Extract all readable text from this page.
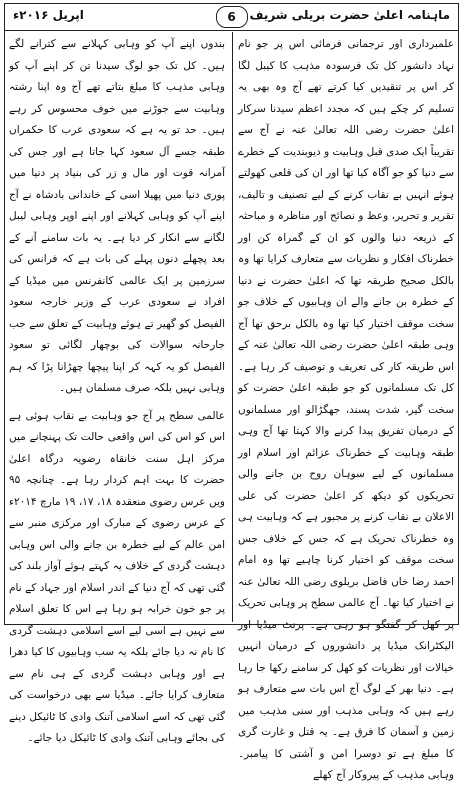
ماہنامہ اعلیٰ حضرت بریلی شریف
6
اپریل ۲۰۱۶ء

علمبرداری اور ترجمانی فرمائی اس پر جو نام نہاد دانشور کل تک فرسودہ مذہب کا کیبل لگا کر اس پر تنقیدیں کیا کرتے تھے آج وہ بھی یہ تسلیم کر چکے ہیں کہ مجدد اعظم سیدنا سرکار اعلیٰ حضرت رضی اللہ تعالیٰ عنہ نے آج سے تقریباً ایک صدی قبل وہابیت و دیوبندیت کے خطرے سے دنیا کو جو آگاہ کیا تھا اور ان کی قلعی کھولتے ہوئے انہیں بے نقاب کرنے کے لیے تصنیف و تالیف، تقریر و تحریر، وعظ و نصائح اور مناظرہ و مباحثہ کے ذریعہ دنیا والوں کو ان کے گمراہ کن اور خطرناک افکار و نظریات سے متعارف کرایا تھا وہ بالکل صحیح طریقہ تھا کہ اعلیٰ حضرت نے دنیا کے خطرہ بن جانے والے ان وہابیوں کے خلاف جو سخت موقف اختیار کیا تھا وہ بالکل برحق تھا آج وہی طبقہ اعلیٰ حضرت رضی اللہ تعالیٰ عنہ کے اس طریقہ کار کی تعریف و توصیف کر رہا ہے۔ کل تک مسلمانوں کو جو طبقہ اعلیٰ حضرت کو سخت گیر، شدت پسند، جھگڑالو اور مسلمانوں کے درمیان تفریق پیدا کرنے والا کہتا تھا آج وہی طبقہ وہابیت کے خطرناک عزائم اور اسلام اور مسلمانوں کے لیے سوہان روح بن جانے والی تحریکوں کو دیکھ کر اعلیٰ حضرت کی علی الاعلان بے نقاب کرنے پر مجبور ہے کہ وہابیت ہی وہ خطرناک تحریک ہے کہ جس کے خلاف جس سخت موقف کو اختیار کرنا چاہیے تھا وہ امام احمد رضا خاں فاضل بریلوی رضی اللہ تعالیٰ عنہ نے اختیار کیا تھا۔ آج عالمی سطح پر وہابی تحریک پر کھل کر گفتگو ہو رہی ہے۔ پرنٹ میڈیا اور الیکٹرانک میڈیا پر دانشوروں کے درمیان انہیں خیالات اور نظریات کو کھل کر سامنے رکھا جا رہا ہے۔ دنیا بھر کے لوگ آج اس بات سے متعارف ہو رہے ہیں کہ وہابی مذہب اور سنی مذہب میں زمین و آسمان کا فرق ہے۔ یہ قتل و غارت گری کا مبلغ ہے تو دوسرا امن و آشتی کا پیامبر۔ وہابی مذہب کے پیروکار آج کھلے

بندوں اپنے آپ کو وہابی کہلانے سے کترانے لگے ہیں۔ کل تک جو لوگ سیدنا تن کر اپنے آپ کو وہابی مذہب کا مبلغ بتاتے تھے آج وہ اپنا رشتہ وہابیت سے جوڑنے میں خوف محسوس کر رہے ہیں۔ حد تو یہ ہے کہ سعودی عرب کا حکمراں طبقہ جسے آل سعود کہا جاتا ہے اور جس کی آمرانہ قوت اور مال و زر کی بنیاد پر دنیا میں پوری دنیا میں پھیلا اسی کے خاندانی بادشاہ نے آج اپنے آپ کو وہابی کہلانے اور اپنے اوپر وہابی لیبل لگانے سے انکار کر دیا ہے۔ یہ بات سامنے آنے کے بعد پچھلے دنوں پہلے کی بات ہے کہ فرانس کی سرزمین پر ایک عالمی کانفرنس میں میڈیا کے افراد نے سعودی عرب کے وزیر خارجہ سعود الفیصل کو گھیر تے ہوئے وہابیت کے تعلق سے جب جارحانہ سوالات کی بوچھار لگائی تو سعود الفیصل کو یہ کہہ کر اپنا پیچھا چھڑانا پڑا کہ ہم وہابی نہیں بلکہ صرف مسلمان ہیں۔

عالمی سطح پر آج جو وہابیت بے نقاب ہوئی ہے اس کو اس کی اس واقعی حالت تک پہنچانے میں مرکز اہل سنت خانقاہ رضویہ درگاہ اعلیٰ حضرت کا بہت اہم کردار رہا ہے۔ چنانچہ ۹۵ ویں عرس رضوی منعقدہ ۱۸، ۱۷، ۱۹ مارچ ۲۰۱۴ء کے عرس رضوی کے مبارک اور مرکزی منبر سے امن عالم کے لیے خطرہ بن جانے والی اس وہابی دہشت گردی کے خلاف یہ کہتے ہوئے آواز بلند کی گئی تھی کہ آج دنیا کے اندر اسلام اور جہاد کے نام پر جو خون خرابہ ہو رہا ہے اس کا تعلق اسلام سے نہیں ہے اسی لیے اسے اسلامی دہشت گردی کا نام نہ دیا جائے بلکہ یہ سب وہابیوں کا کیا دھرا ہے اور وہابی دہشت گردی کے ہی نام سے متعارف کرایا جائے۔ میڈیا سے بھی درخواست کی گئی تھی کہ اسے اسلامی آتنک وادی کا ٹائیکل دینے کی بجائے وہابی آتنک وادی کا ٹائیکل دیا جائے۔
